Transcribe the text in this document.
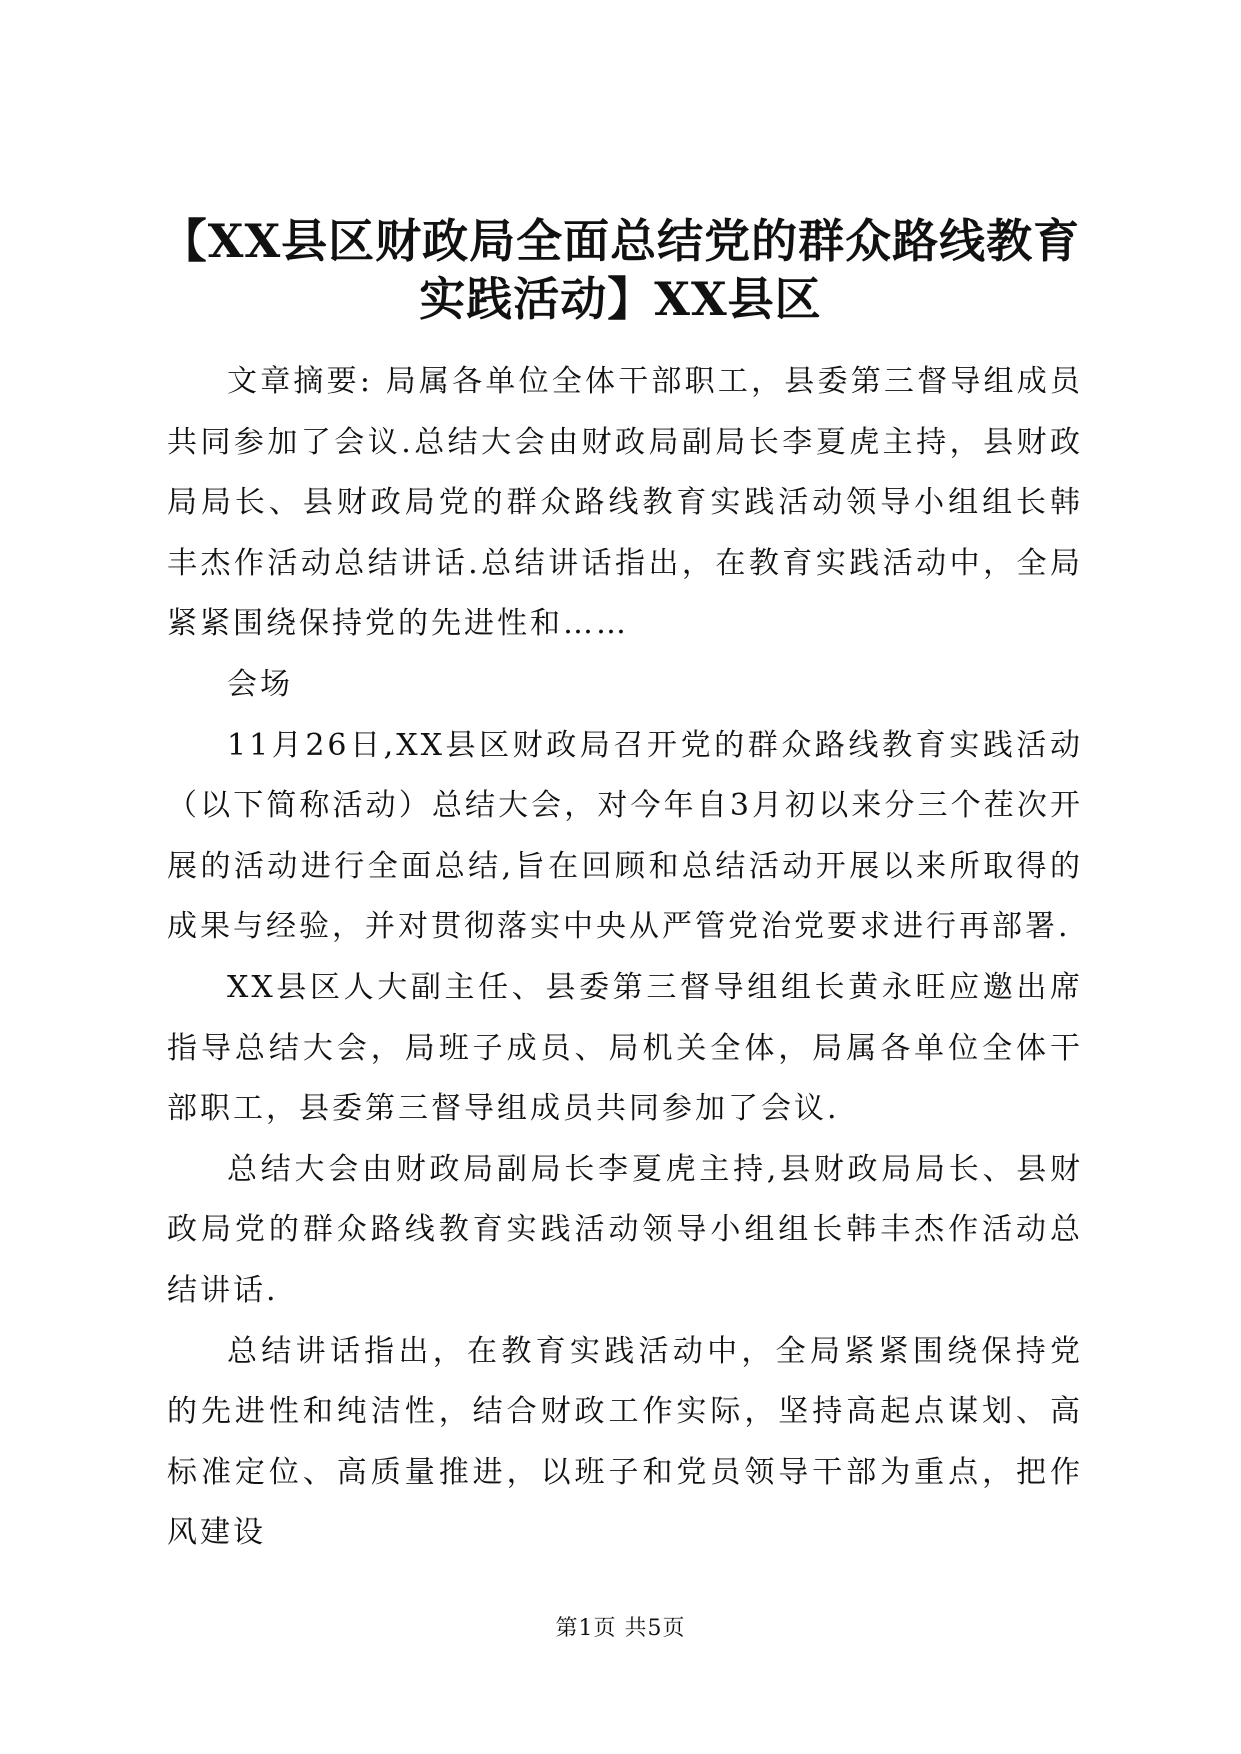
【XX县区财政局全面总结党的群众路线教育实践活动】XX县区

文章摘要: 局属各单位全体干部职工，县委第三督导组成员共同参加了会议.总结大会由财政局副局长李夏虎主持，县财政局局长、县财政局党的群众路线教育实践活动领导小组组长韩丰杰作活动总结讲话.总结讲话指出，在教育实践活动中，全局紧紧围绕保持党的先进性和……

会场

11月26日,XX县区财政局召开党的群众路线教育实践活动（以下简称活动）总结大会，对今年自3月初以来分三个茬次开展的活动进行全面总结,旨在回顾和总结活动开展以来所取得的成果与经验，并对贯彻落实中央从严管党治党要求进行再部署.

XX县区人大副主任、县委第三督导组组长黄永旺应邀出席指导总结大会，局班子成员、局机关全体，局属各单位全体干部职工，县委第三督导组成员共同参加了会议.

总结大会由财政局副局长李夏虎主持,县财政局局长、县财政局党的群众路线教育实践活动领导小组组长韩丰杰作活动总结讲话.

总结讲话指出，在教育实践活动中，全局紧紧围绕保持党的先进性和纯洁性，结合财政工作实际，坚持高起点谋划、高标准定位、高质量推进，以班子和党员领导干部为重点，把作风建设

第1页 共5页
